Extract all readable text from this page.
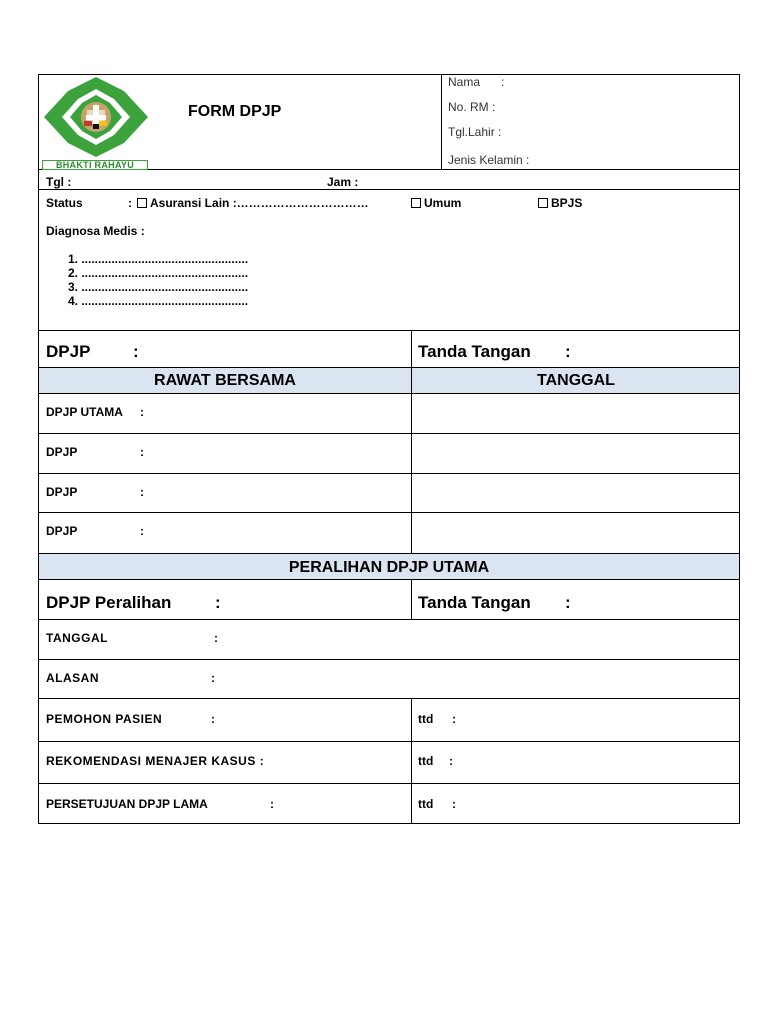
BHAKTI RAHAYU
FORM DPJP
Nama :
No. RM :
Tgl.Lahir :
Jenis Kelamin :
Tgl :	Jam :
Status	:	Asuransi Lain :……………………………	Umum	BPJS
Diagnosa Medis :
1. ..................................................
2. ..................................................
3. ..................................................
4. ..................................................
DPJP	:	Tanda Tangan :
RAWAT BERSAMA	TANGGAL
DPJP UTAMA :
DPJP	:
DPJP	:
DPJP	:
PERALIHAN DPJP UTAMA
DPJP Peralihan	:	Tanda Tangan :
TANGGAL	:
ALASAN	:
PEMOHON PASIEN	:	ttd :
REKOMENDASI MENAJER KASUS :	ttd :
PERSETUJUAN DPJP LAMA	:	ttd :
